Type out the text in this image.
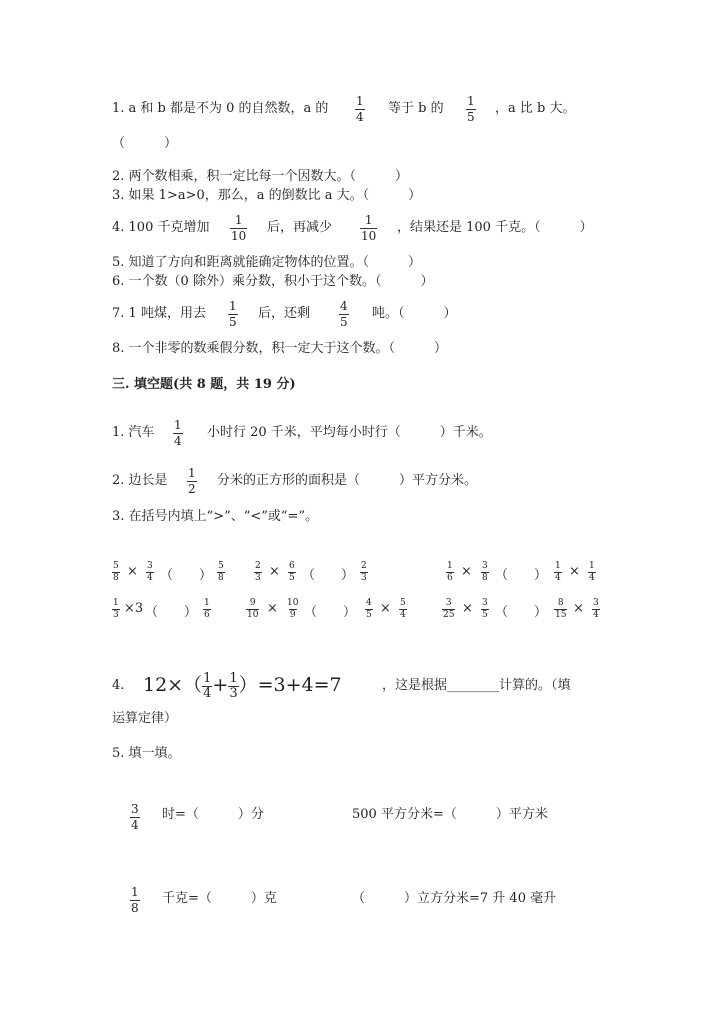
1. a 和 b 都是不为 0 的自然数，a 的 $\frac{1}{4}$ 等于 b 的 $\frac{1}{5}$ ，a 比 b 大。
（　　　）
2. 两个数相乘，积一定比每一个因数大。（　　　）
3. 如果 1>a>0，那么，a 的倒数比 a 大。（　　　）
4. 100 千克增加 $\frac{1}{10}$ 后，再减少 $\frac{1}{10}$ ，结果还是 100 千克。（　　　）
5. 知道了方向和距离就能确定物体的位置。（　　　）
6. 一个数（0 除外）乘分数，积小于这个数。（　　　）
7. 1 吨煤，用去 $\frac{1}{5}$ 后，还剩 $\frac{4}{5}$ 吨。（　　　）
8. 一个非零的数乘假分数，积一定大于这个数。（　　　）
三. 填空题(共 8 题，共 19 分)
1. 汽车 $\frac{1}{4}$ 小时行 20 千米，平均每小时行（　　　）千米。
2. 边长是 $\frac{1}{2}$ 分米的正方形的面积是（　　　）平方分米。
3. 在括号内填上“>”、“<”或“=”。
$\frac{5}{8} \times \frac{3}{4}$ （　　） $\frac{5}{8}$	$\frac{2}{3} \times \frac{6}{5}$ （　　） $\frac{2}{3}$	$\frac{1}{6} \times \frac{3}{8}$ （　　） $\frac{1}{4} \times \frac{1}{4}$
$\frac{1}{3} \times 3$ （　　） $\frac{1}{6}$	$\frac{9}{10} \times \frac{10}{9}$ （　　） $\frac{4}{5} \times \frac{5}{4}$	$\frac{3}{25} \times \frac{3}{5}$ （　　） $\frac{8}{15} \times \frac{3}{4}$
4. $12\times( \frac{1}{4} + \frac{1}{3} )=3+4=7$	，这是根据________计算的。（填
运算定律）
5. 填一填。
$\frac{3}{4}$ 时=（　　　）分	500 平方分米=（　　　）平方米
$\frac{1}{8}$ 千克=（　　　）克	（　　　）立方分米=7 升 40 毫升
